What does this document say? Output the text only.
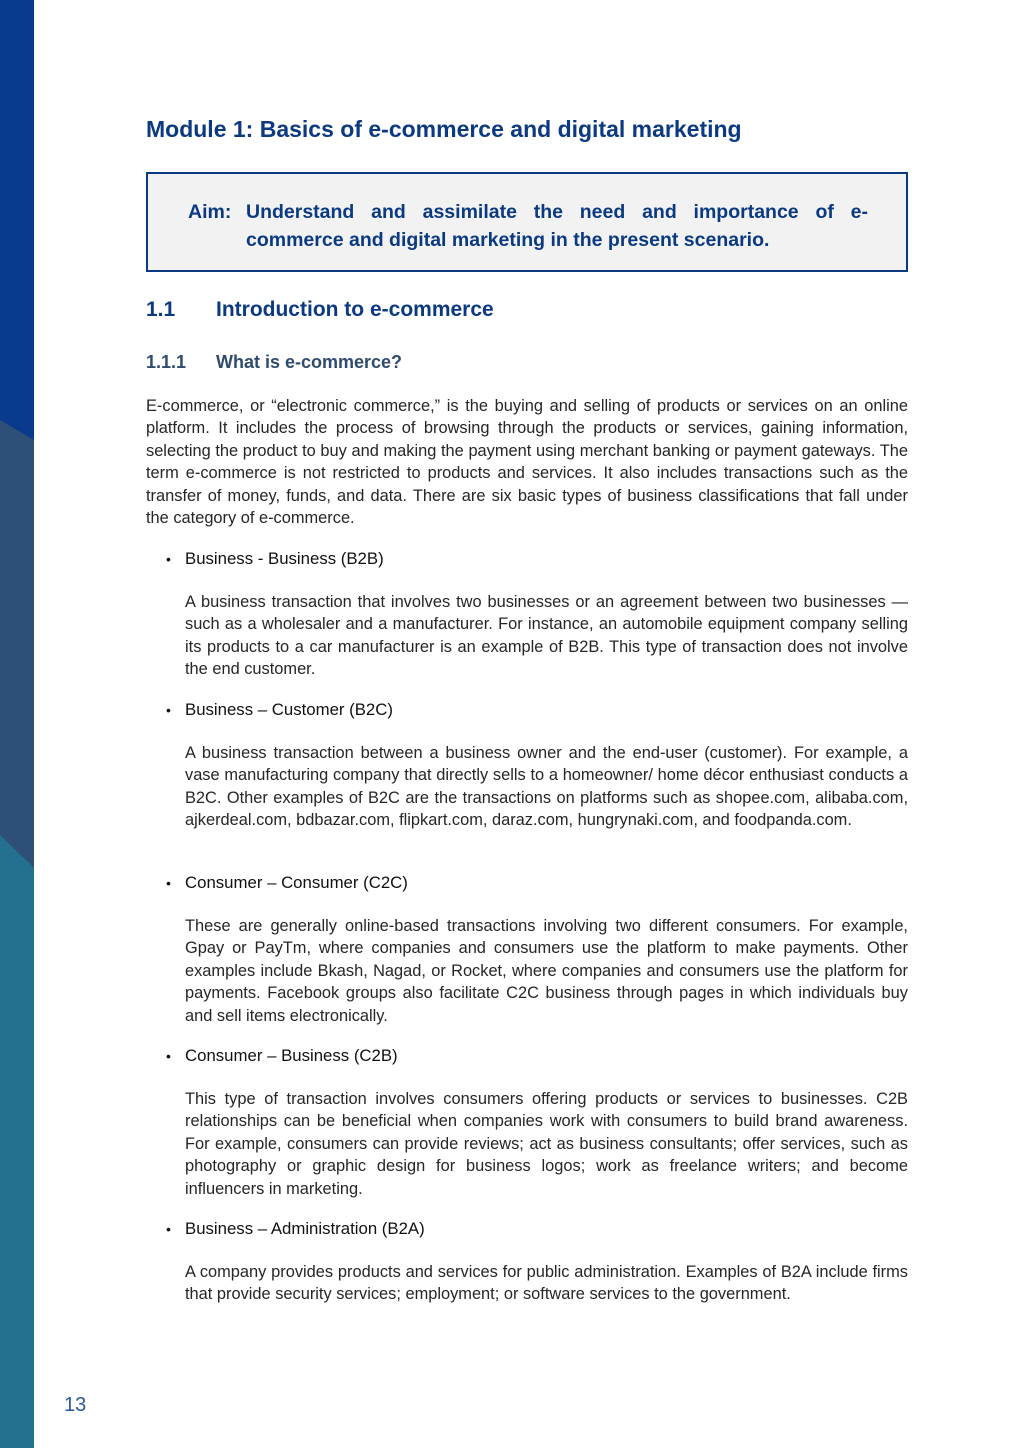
Module 1: Basics of e-commerce and digital marketing
Aim: Understand and assimilate the need and importance of e-commerce and digital marketing in the present scenario.
1.1	Introduction to e-commerce
1.1.1	What is e-commerce?

E-commerce, or “electronic commerce,” is the buying and selling of products or services on an online platform. It includes the process of browsing through the products or services, gaining information, selecting the product to buy and making the payment using merchant banking or payment gateways. The term e-commerce is not restricted to products and services. It also includes transactions such as the transfer of money, funds, and data. There are six basic types of business classifications that fall under the category of e-commerce.

• Business - Business (B2B)

A business transaction that involves two businesses or an agreement between two businesses — such as a wholesaler and a manufacturer. For instance, an automobile equipment company selling its products to a car manufacturer is an example of B2B. This type of transaction does not involve the end customer.

• Business – Customer (B2C)

A business transaction between a business owner and the end-user (customer). For example, a vase manufacturing company that directly sells to a homeowner/ home décor enthusiast conducts a B2C. Other examples of B2C are the transactions on platforms such as shopee.com, alibaba.com, ajkerdeal.com, bdbazar.com, flipkart.com, daraz.com, hungrynaki.com, and foodpanda.com.

• Consumer – Consumer (C2C)

These are generally online-based transactions involving two different consumers. For example, Gpay or PayTm, where companies and consumers use the platform to make payments. Other examples include Bkash, Nagad, or Rocket, where companies and consumers use the platform for payments. Facebook groups also facilitate C2C business through pages in which individuals buy and sell items electronically.

• Consumer – Business (C2B)

This type of transaction involves consumers offering products or services to businesses. C2B relationships can be beneficial when companies work with consumers to build brand awareness. For example, consumers can provide reviews; act as business consultants; offer services, such as photography or graphic design for business logos; work as freelance writers; and become influencers in marketing.

• Business – Administration (B2A)

A company provides products and services for public administration. Examples of B2A include firms that provide security services; employment; or software services to the government.

13
